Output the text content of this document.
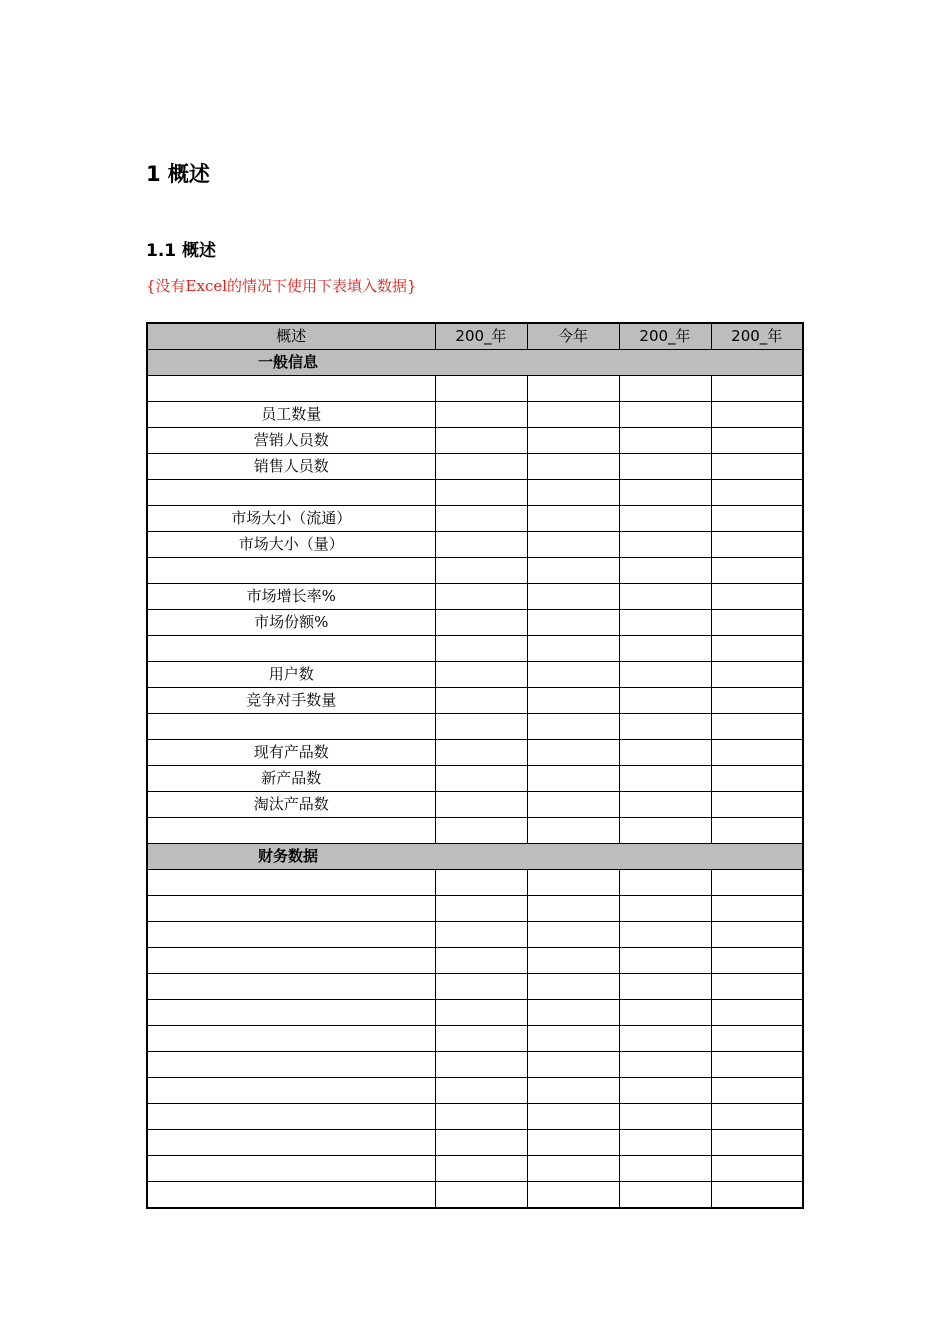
1 概述
1.1 概述

{没有Excel的情况下使用下表填入数据}

概述	200_年	今年	200_年	200_年
一般信息				

员工数量				
营销人员数				
销售人员数				

市场大小（流通）				
市场大小（量）				

市场增长率%				
市场份额%				

用户数				
竞争对手数量				

现有产品数				
新产品数				
淘汰产品数				

财务数据				
